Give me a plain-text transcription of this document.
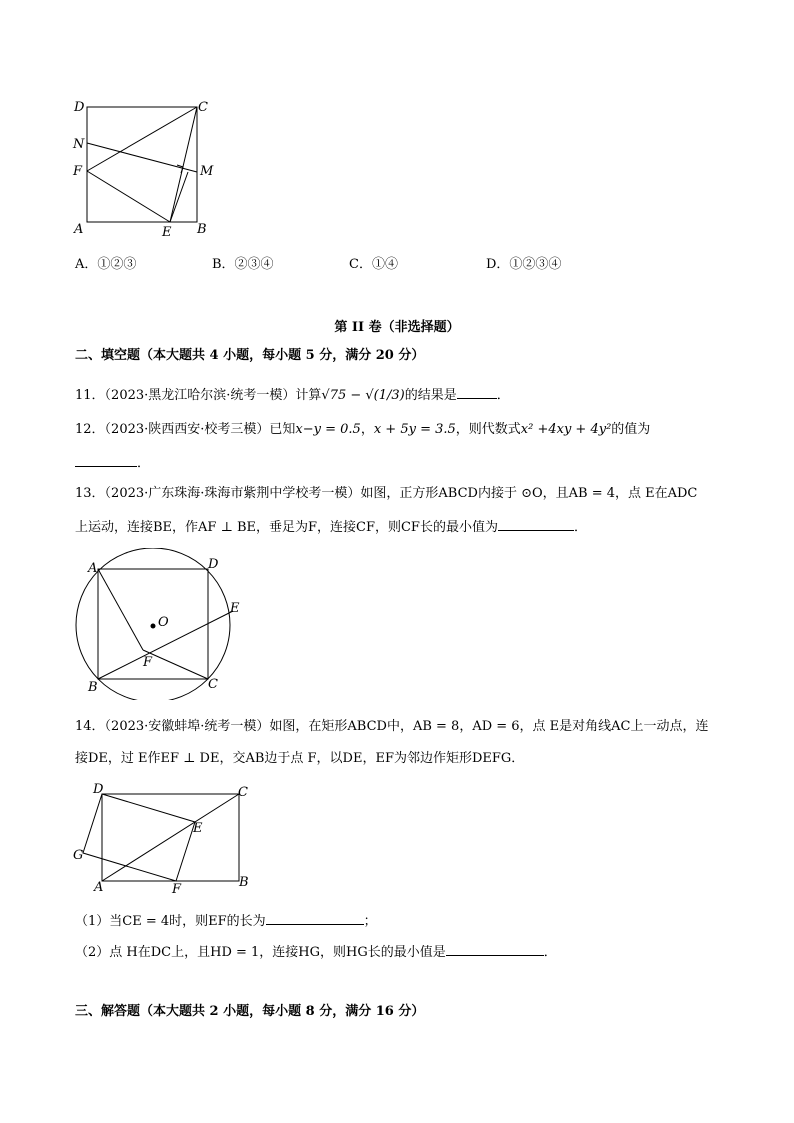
D	C
N
F	M
A	E B
A．①②③	B．②③④	C．①④	D．①②③④
第 II 卷（非选择题）
二、填空题（本大题共 4 小题，每小题 5 分，满分 20 分）
11．（2023·黑龙江哈尔滨·统考一模）计算√75 − √(1/3)的结果是	．
12．（2023·陕西西安·校考三模）已知x−y = 0.5，x + 5y = 3.5，则代数式x² +4xy + 4y²的值为
．
13．（2023·广东珠海·珠海市紫荆中学校考一模）如图，正方形ABCD内接于 ⊙O，且AB = 4，点 E在ADC
上运动，连接BE，作AF ⊥ BE，垂足为F，连接CF，则CF长的最小值为	．
A	D
O
E
F
B	C
14．（2023·安徽蚌埠·统考一模）如图，在矩形ABCD中，AB = 8，AD = 6，点 E是对角线AC上一动点，连
接DE，过 E作EF ⊥ DE，交AB边于点 F，以DE，EF为邻边作矩形DEFG．
D	C
E
G
A	F	B
（1）当CE = 4时，则EF的长为	；
（2）点 H在DC上，且HD = 1，连接HG，则HG长的最小值是	．
三、解答题（本大题共 2 小题，每小题 8 分，满分 16 分）
